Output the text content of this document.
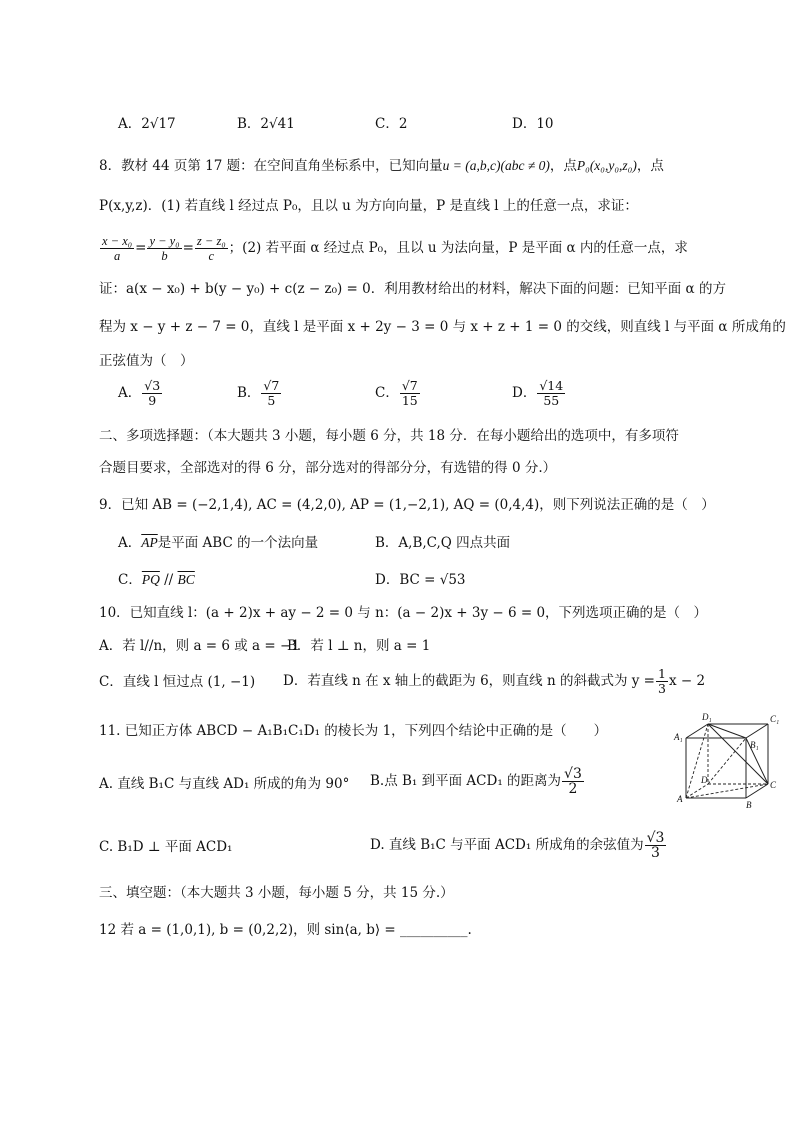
A．2√17	B．2√41	C．2	D．10
8．教材 44 页第 17 题：在空间直角坐标系中，已知向量u = (a,b,c)(abc ≠ 0)，点P₀(x₀,y₀,z₀)，点
P(x,y,z)．(1) 若直线 l 经过点 P₀，且以 u 为方向向量，P 是直线 l 上的任意一点，求证：
$\frac{\text{x − x₀}}{a} = \frac{\text{y − y₀}}{b} = \frac{\text{z − z₀}}{c}$ ；(2) 若平面 α 经过点 P₀，且以 u 为法向量，P 是平面 α 内的任意一点，求
证：a(x − x₀) + b(y − y₀) + c(z − z₀) = 0．利用教材给出的材料，解决下面的问题：已知平面 α 的方
程为 x − y + z − 7 = 0，直线 l 是平面 x + 2y − 3 = 0 与 x + z + 1 = 0 的交线，则直线 l 与平面 α 所成角的
正弦值为（　）
A． $\frac{√3}{9}$	B． $\frac{√7}{5}$	C． $\frac{√7}{15}$	D． $\frac{√14}{55}$
二、多项选择题：（本大题共 3 小题，每小题 6 分，共 18 分．在每小题给出的选项中，有多项符
合题目要求，全部选对的得 6 分，部分选对的得部分分，有选错的得 0 分.）
9．已知 AB = (−2,1,4), AC = (4,2,0), AP = (1,−2,1), AQ = (0,4,4)，则下列说法正确的是（　）
A．$\overline{AP}$是平面 ABC 的一个法向量	B．A,B,C,Q 四点共面
C．$\overline{PQ} // \overline{BC}$	D．BC = √53
10．已知直线 l：(a + 2)x + ay − 2 = 0 与 n：(a − 2)x + 3y − 6 = 0，下列选项正确的是（　）
A．若 l//n，则 a = 6 或 a = −1
B．若 l ⊥ n，则 a = 1
C．直线 l 恒过点 (1, −1) D．若直线 n 在 x 轴上的截距为 6，则直线 n 的斜截式为 $y = \frac{1}{3}$ x − 2
11. 已知正方体 ABCD − A₁B₁C₁D₁ 的棱长为 1，下列四个结论中正确的是（　　）
A. 直线 B₁C 与直线 AD₁ 所成的角为 90° B.点 B₁ 到平面 ACD₁ 的距离为 $\frac{√3}{2}$
C. B₁D ⊥ 平面 ACD₁	D. 直线 B₁C 与平面 ACD₁ 所成角的余弦值为 $\frac{√3}{3}$
D₁	C₁
A₁
B₁
D	C
A
B
三、填空题：（本大题共 3 小题，每小题 5 分，共 15 分.）
12 若 a = (1,0,1), b = (0,2,2)，则 sin⟨a, b⟩ = __________.
